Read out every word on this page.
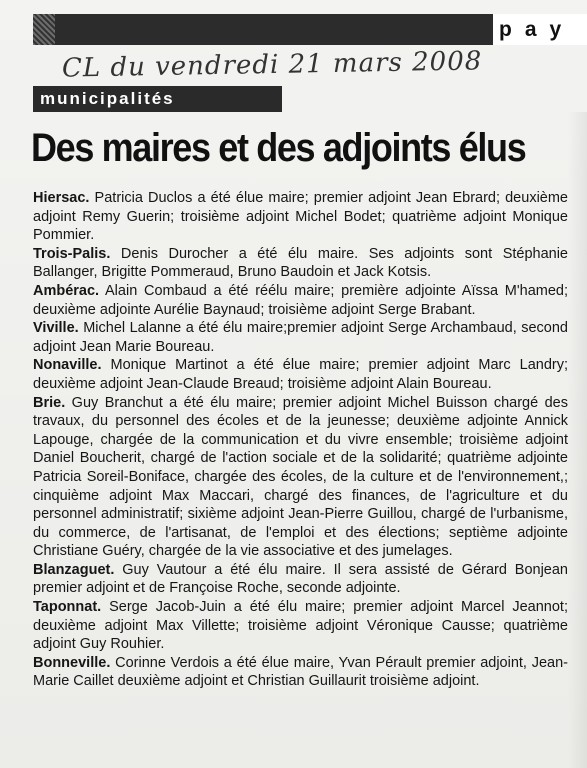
pay
CL du vendredi 21 mars 2008
municipalités
Des maires et des adjoints élus

Hiersac. Patricia Duclos a été élue maire; premier adjoint Jean Ebrard; deuxième adjoint Remy Guerin; troisième adjoint Michel Bodet; quatrième adjoint Monique Pommier.

Trois-Palis. Denis Durocher a été élu maire. Ses adjoints sont Stéphanie Ballanger, Brigitte Pommeraud, Bruno Baudoin et Jack Kotsis.

Ambérac. Alain Combaud a été réélu maire; première adjointe Aïssa M'hamed; deuxième adjointe Aurélie Baynaud; troisième adjoint Serge Brabant.

Viville. Michel Lalanne a été élu maire;premier adjoint Serge Archambaud, second adjoint Jean Marie Boureau.

Nonaville. Monique Martinot a été élue maire; premier adjoint Marc Landry; deuxième adjoint Jean-Claude Breaud; troisième adjoint Alain Boureau.

Brie. Guy Branchut a été élu maire; premier adjoint Michel Buisson chargé des travaux, du personnel des écoles et de la jeunesse; deuxième adjointe Annick Lapouge, chargée de la communication et du vivre ensemble; troisième adjoint Daniel Boucherit, chargé de l'action sociale et de la solidarité; quatrième adjointe Patricia Soreil-Boniface, chargée des écoles, de la culture et de l'environnement,; cinquième adjoint Max Maccari, chargé des finances, de l'agriculture et du personnel administratif; sixième adjoint Jean-Pierre Guillou, chargé de l'urbanisme, du commerce, de l'artisanat, de l'emploi et des élections; septième adjointe Christiane Guéry, chargée de la vie associative et des jumelages.

Blanzaguet. Guy Vautour a été élu maire. Il sera assisté de Gérard Bonjean premier adjoint et de Françoise Roche, seconde adjointe.

Taponnat. Serge Jacob-Juin a été élu maire; premier adjoint Marcel Jeannot; deuxième adjoint Max Villette; troisième adjoint Véronique Causse; quatrième adjoint Guy Rouhier.

Bonneville. Corinne Verdois a été élue maire, Yvan Pérault premier adjoint, Jean-Marie Caillet deuxième adjoint et Christian Guillaurit troisième adjoint.
